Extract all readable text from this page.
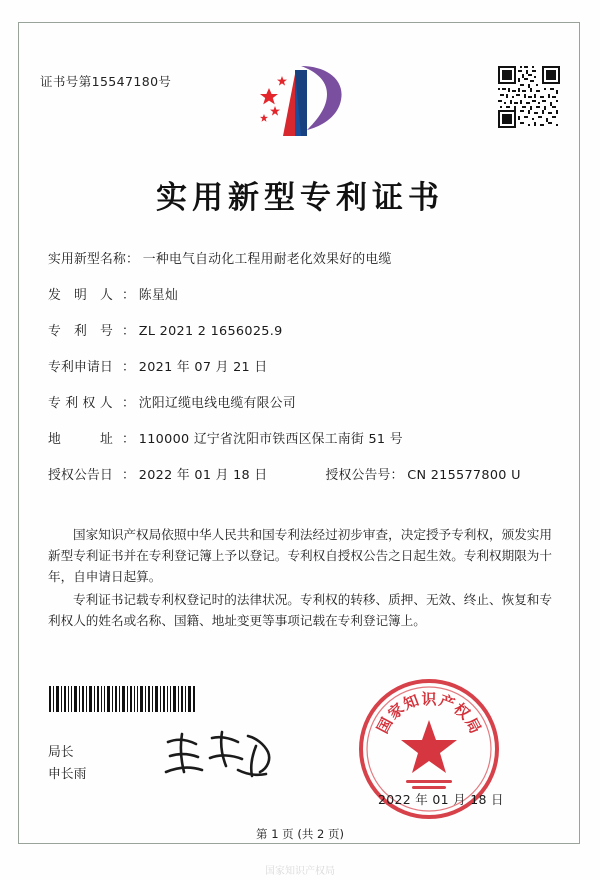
证书号第15547180号
实用新型专利证书
实用新型名称 ： 一种电气自动化工程用耐老化效果好的电缆
发　明　人 ： 陈星灿
专　利　号 ： ZL 2021 2 1656025.9
专利申请日 ： 2021 年 07 月 21 日
专 利 权 人 ： 沈阳辽缆电线电缆有限公司
地　　　址 ： 110000 辽宁省沈阳市铁西区保工南街 51 号
授权公告日 ： 2022 年 01 月 18 日	授权公告号 ： CN 215577800 U
国家知识产权局依照中华人民共和国专利法经过初步审查，决定授予专利权，颁发实用新型专利证书并在专利登记簿上予以登记。专利权自授权公告之日起生效。专利权期限为十年，自申请日起算。
专利证书记载专利权登记时的法律状况。专利权的转移、质押、无效、终止、恢复和专利权人的姓名或名称、国籍、地址变更等事项记载在专利登记簿上。
局长
申长雨
国
家
知 识 产
权
局
2022 年 01 月 18 日
第 1 页 (共 2 页)
国家知识产权局
